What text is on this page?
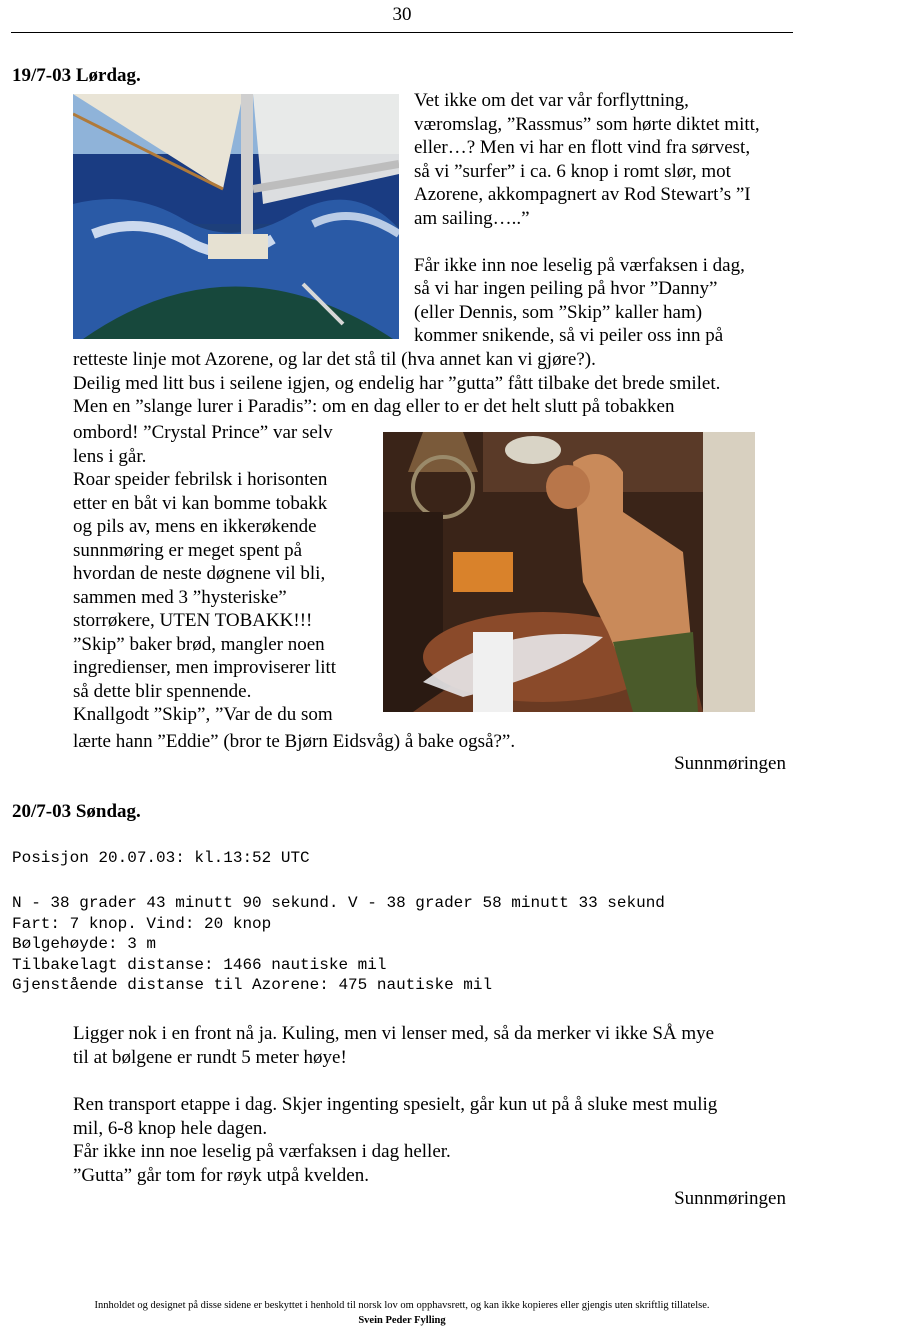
30
19/7-03 Lørdag.

Vet ikke om det var vår forflyttning,

væromslag, ”Rassmus” som hørte diktet mitt,

eller…? Men vi har en flott vind fra sørvest,

så vi ”surfer” i ca. 6 knop i romt slør, mot

Azorene, akkompagnert av Rod Stewart’s ”I

am sailing…..”

Får ikke inn noe leselig på værfaksen i dag,

så vi har ingen peiling på hvor ”Danny”

(eller Dennis, som ”Skip” kaller ham)

kommer snikende, så vi peiler oss inn på

retteste linje mot Azorene, og lar det stå til (hva annet kan vi gjøre?).

Deilig med litt bus i seilene igjen, og endelig har ”gutta” fått tilbake det brede smilet.

Men en ”slange lurer i Paradis”: om en dag eller to er det helt slutt på tobakken

ombord! ”Crystal Prince” var selv

lens i går.

Roar speider febrilsk i horisonten

etter en båt vi kan bomme tobakk

og pils av, mens en ikkerøkende

sunnmøring er meget spent på

hvordan de neste døgnene vil bli,

sammen med 3 ”hysteriske”

storrøkere, UTEN TOBAKK!!!

”Skip” baker brød, mangler noen

ingredienser, men improviserer litt

så dette blir spennende.

Knallgodt ”Skip”, ”Var de du som

lærte hann ”Eddie” (bror te Bjørn Eidsvåg) å bake også?”.

Sunnmøringen
20/7-03 Søndag.
Posisjon 20.07.03: kl.13:52 UTC
N - 38 grader 43 minutt 90 sekund. V - 38 grader 58 minutt 33 sekund
Fart: 7 knop. Vind: 20 knop
Bølgehøyde: 3 m
Tilbakelagt distanse: 1466 nautiske mil
Gjenstående distanse til Azorene: 475 nautiske mil

Ligger nok i en front nå ja. Kuling, men vi lenser med, så da merker vi ikke SÅ mye

til at bølgene er rundt 5 meter høye!

Ren transport etappe i dag. Skjer ingenting spesielt, går kun ut på å sluke mest mulig

mil, 6-8 knop hele dagen.

Får ikke inn noe leselig på værfaksen i dag heller.

”Gutta” går tom for røyk utpå kvelden.

Sunnmøringen
Innholdet og designet på disse sidene er beskyttet i henhold til norsk lov om opphavsrett, og kan ikke kopieres eller gjengis uten skriftlig tillatelse.
Svein Peder Fylling
